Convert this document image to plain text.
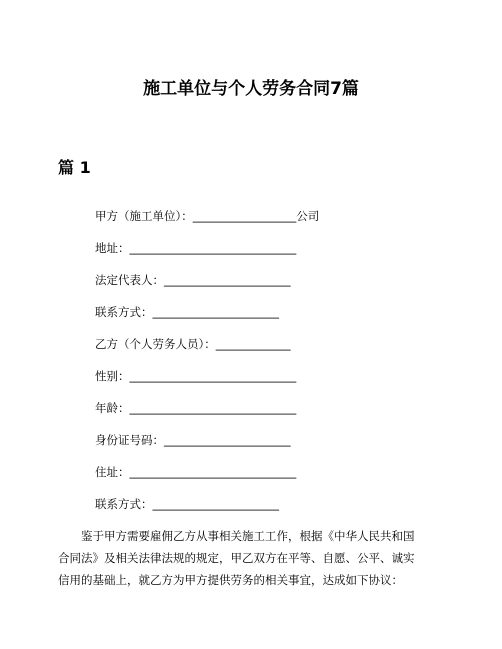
施工单位与个人劳务合同7篇
篇 1
甲方（施工单位）：__________________公司
地址：_____________________________
法定代表人：______________________
联系方式：______________________
乙方（个人劳务人员）：_____________
性别：_____________________________
年龄：_____________________________
身份证号码：______________________
住址：_____________________________
联系方式：______________________
鉴于甲方需要雇佣乙方从事相关施工工作，根据《中华人民共和国
合同法》及相关法律法规的规定，甲乙双方在平等、自愿、公平、诚实
信用的基础上，就乙方为甲方提供劳务的相关事宜，达成如下协议：
